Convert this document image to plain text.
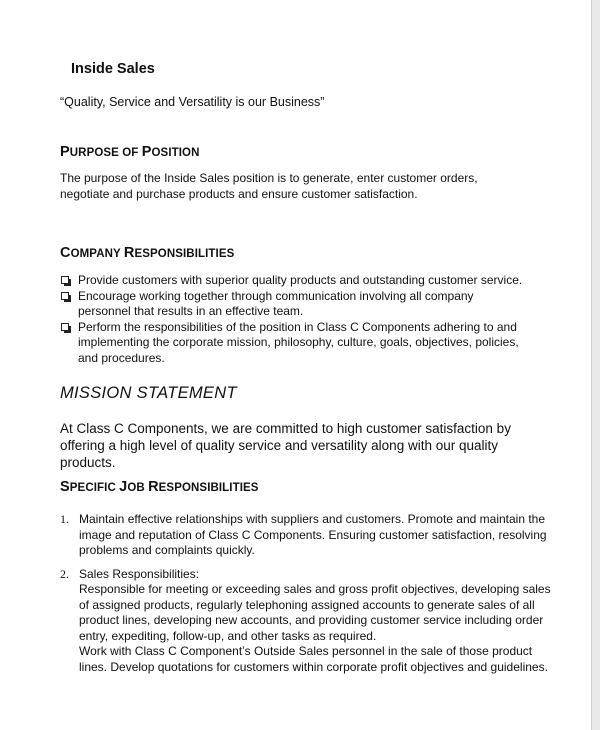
Inside Sales

“Quality, Service and Versatility is our Business”

PURPOSE OF POSITION

The purpose of the Inside Sales position is to generate, enter customer orders, negotiate and purchase products and ensure customer satisfaction.

COMPANY RESPONSIBILITIES

Provide customers with superior quality products and outstanding customer service.
Encourage working together through communication involving all company personnel that results in an effective team.
Perform the responsibilities of the position in Class C Components adhering to and implementing the corporate mission, philosophy, culture, goals, objectives, policies, and procedures.

MISSION STATEMENT

At Class C Components, we are committed to high customer satisfaction by offering a high level of quality service and versatility along with our quality products.

SPECIFIC JOB RESPONSIBILITIES

1. Maintain effective relationships with suppliers and customers. Promote and maintain the image and reputation of Class C Components. Ensuring customer satisfaction, resolving problems and complaints quickly.
2. Sales Responsibilities:
Responsible for meeting or exceeding sales and gross profit objectives, developing sales of assigned products, regularly telephoning assigned accounts to generate sales of all product lines, developing new accounts, and providing customer service including order entry, expediting, follow-up, and other tasks as required.
Work with Class C Component’s Outside Sales personnel in the sale of those product lines. Develop quotations for customers within corporate profit objectives and guidelines.
